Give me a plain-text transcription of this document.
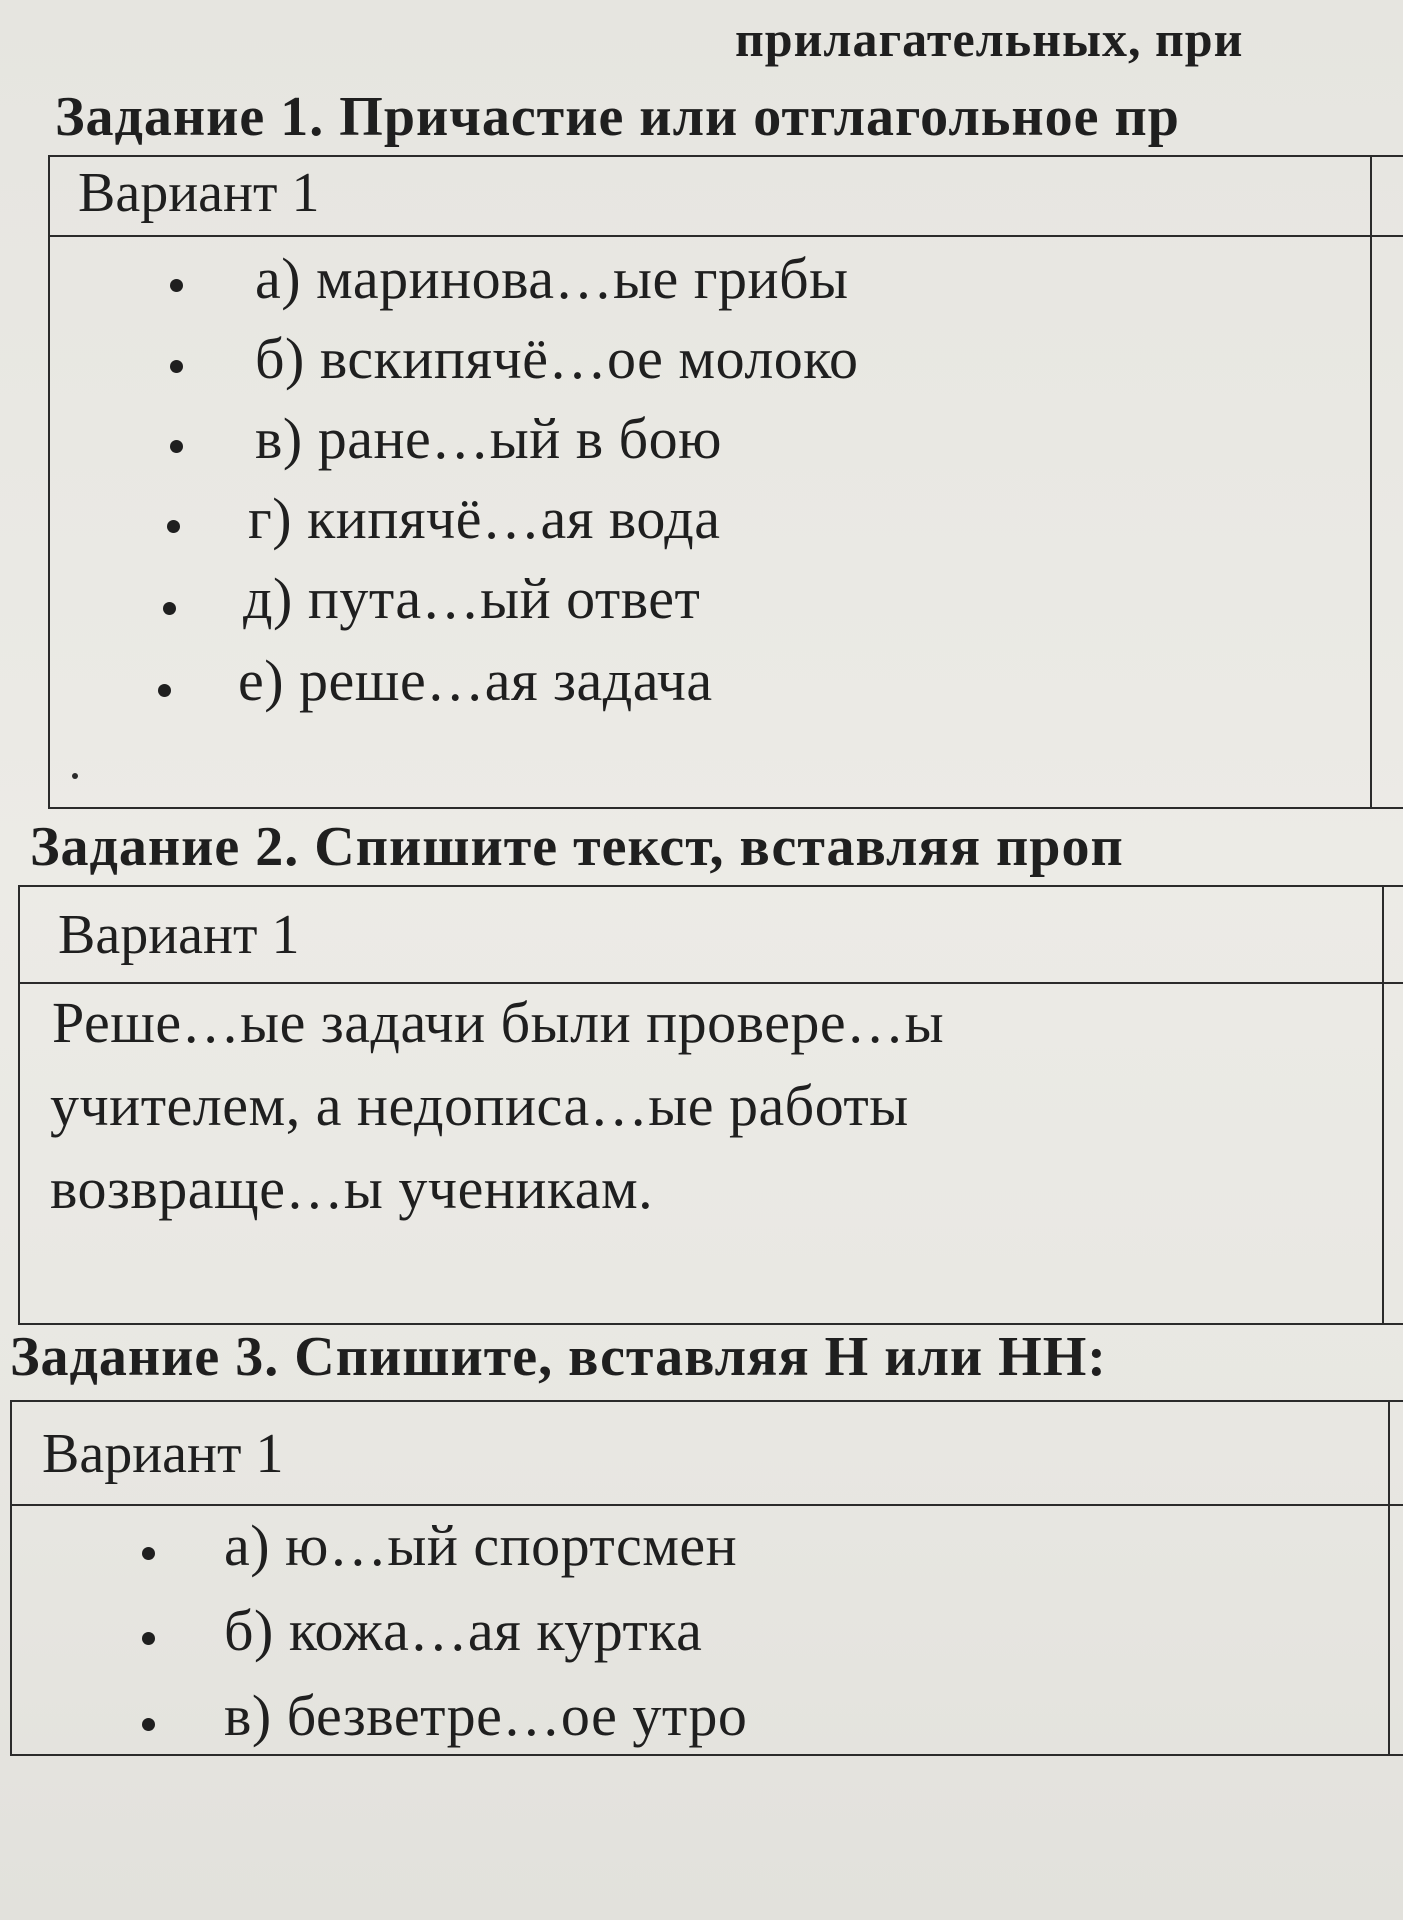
прилагательных, при
Задание 1. Причастие или отглагольное пр
Вариант 1
а) маринова…ые грибы
б) вскипячё…ое молоко
в) ране…ый в бою
г) кипячё…ая вода
д) пута…ый ответ
е) реше…ая задача
Задание 2. Спишите текст, вставляя проп
Вариант 1
Реше…ые задачи были провере…ы
учителем, а недописа…ые работы
возвраще…ы ученикам.
Задание 3. Спишите, вставляя Н или НН:
Вариант 1
а) ю…ый спортсмен
б) кожа…ая куртка
в) безветре…ое утро
